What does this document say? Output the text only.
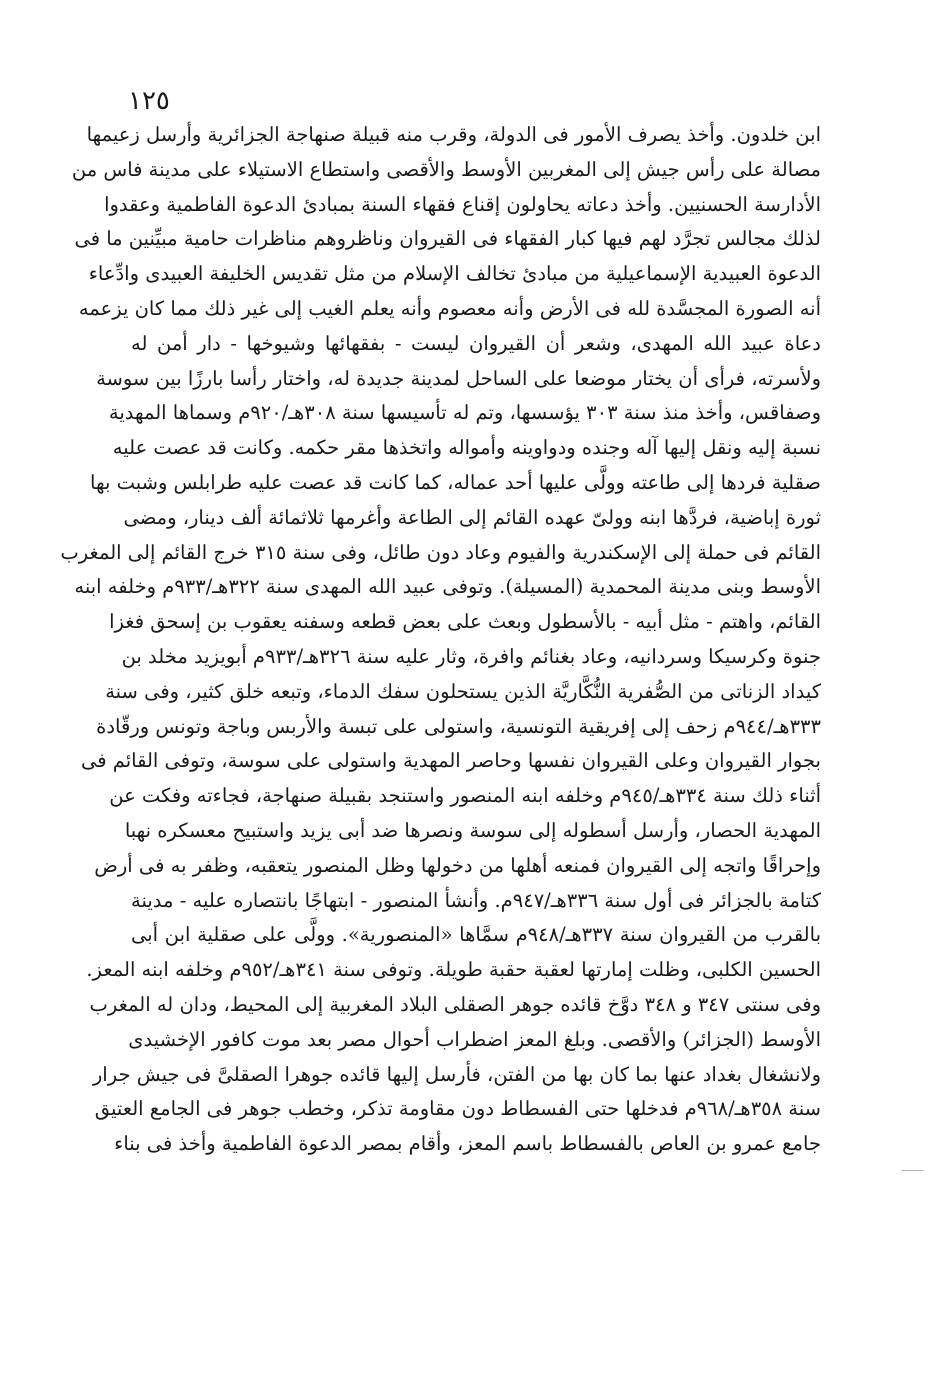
١٢٥
ابن خلدون. وأخذ يصرف الأمور فى الدولة، وقرب منه قبيلة صنهاجة الجزائرية وأرسل زعيمها
مصالة على رأس جيش إلى المغربين الأوسط والأقصى واستطاع الاستيلاء على مدينة فاس من
الأدارسة الحسنيين. وأخذ دعاته يحاولون إقناع فقهاء السنة بمبادئ الدعوة الفاطمية وعقدوا
لذلك مجالس تجرَّد لهم فيها كبار الفقهاء فى القيروان وناظروهم مناظرات حامية مبيِّنين ما فى
الدعوة العبيدية الإسماعيلية من مبادئ تخالف الإسلام من مثل تقديس الخليفة العبيدى وادِّعاء
أنه الصورة المجسَّدة لله فى الأرض وأنه معصوم وأنه يعلم الغيب إلى غير ذلك مما كان يزعمه
دعاة عبيد الله المهدى، وشعر أن القيروان ليست - بفقهائها وشيوخها - دار أمن له
ولأسرته، فرأى أن يختار موضعا على الساحل لمدينة جديدة له، واختار رأسا بارزًا بين سوسة
وصفاقس، وأخذ منذ سنة ٣٠٣ يؤسسها، وتم له تأسيسها سنة ٣٠٨هـ/٩٢٠م وسماها المهدية
نسبة إليه ونقل إليها آله وجنده ودواوينه وأمواله واتخذها مقر حكمه. وكانت قد عصت عليه
صقلية فردها إلى طاعته وولَّى عليها أحد عماله، كما كانت قد عصت عليه طرابلس وشبت بها
ثورة إباضية، فردَّها ابنه وولىّ عهده القائم إلى الطاعة وأغرمها ثلاثمائة ألف دينار، ومضى
القائم فى حملة إلى الإسكندرية والفيوم وعاد دون طائل، وفى سنة ٣١٥ خرج القائم إلى المغرب
الأوسط وبنى مدينة المحمدية (المسيلة). وتوفى عبيد الله المهدى سنة ٣٢٢هـ/٩٣٣م وخلفه ابنه
القائم، واهتم - مثل أبيه - بالأسطول وبعث على بعض قطعه وسفنه يعقوب بن إسحق فغزا
جنوة وكرسيكا وسردانيه، وعاد بغنائم وافرة، وثار عليه سنة ٣٢٦هـ/٩٣٣م أبويزيد مخلد بن
كيداد الزناتى من الصُّفرية النُّكَّاريَّة الذين يستحلون سفك الدماء، وتبعه خلق كثير، وفى سنة
٣٣٣هـ/٩٤٤م زحف إلى إفريقية التونسية، واستولى على تبسة والأربس وباجة وتونس ورقّادة
بجوار القيروان وعلى القيروان نفسها وحاصر المهدية واستولى على سوسة، وتوفى القائم فى
أثناء ذلك سنة ٣٣٤هـ/٩٤٥م وخلفه ابنه المنصور واستنجد بقبيلة صنهاجة، فجاءته وفكت عن
المهدية الحصار، وأرسل أسطوله إلى سوسة ونصرها ضد أبى يزيد واستبيح معسكره نهبا
وإحراقًا واتجه إلى القيروان فمنعه أهلها من دخولها وظل المنصور يتعقبه، وظفر به فى أرض
كتامة بالجزائر فى أول سنة ٣٣٦هـ/٩٤٧م. وأنشأ المنصور - ابتهاجًا بانتصاره عليه - مدينة
بالقرب من القيروان سنة ٣٣٧هـ/٩٤٨م سمَّاها «المنصورية». وولَّى على صقلية ابن أبى
الحسين الكلبى، وظلت إمارتها لعقبة حقبة طويلة. وتوفى سنة ٣٤١هـ/٩٥٢م وخلفه ابنه المعز.
وفى سنتى ٣٤٧ و ٣٤٨ دوَّخ قائده جوهر الصقلى البلاد المغربية إلى المحيط، ودان له المغرب
الأوسط (الجزائر) والأقصى. وبلغ المعز اضطراب أحوال مصر بعد موت كافور الإخشيدى
ولانشغال بغداد عنها بما كان بها من الفتن، فأرسل إليها قائده جوهرا الصقلىَّ فى جيش جرار
سنة ٣٥٨هـ/٩٦٨م فدخلها حتى الفسطاط دون مقاومة تذكر، وخطب جوهر فى الجامع العتيق
جامع عمرو بن العاص بالفسطاط باسم المعز، وأقام بمصر الدعوة الفاطمية وأخذ فى بناء
